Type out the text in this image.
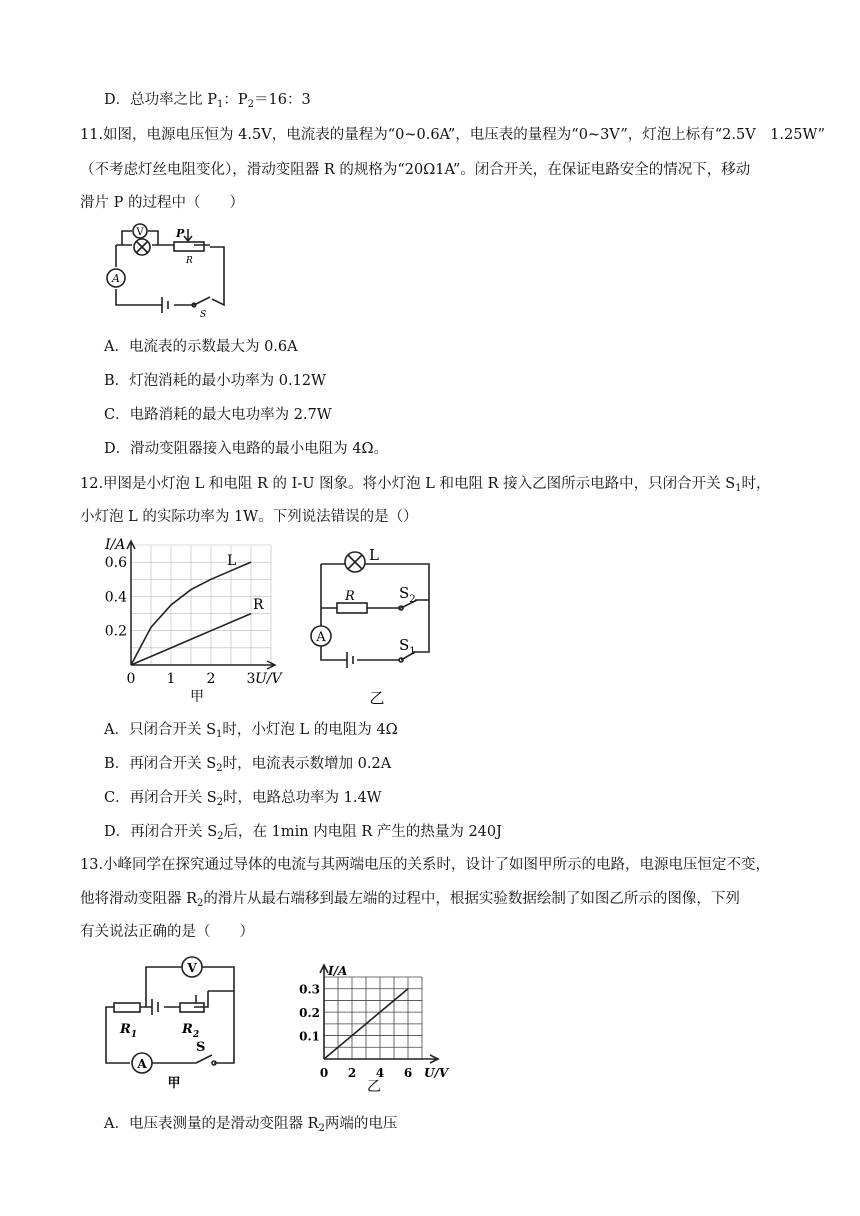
D．总功率之比 $P_1$：$P_2=16$：3
11.如图，电源电压恒为 4.5V，电流表的量程为“0~0.6A”，电压表的量程为“0~3V”，灯泡上标有“2.5V　1.25W”
（不考虑灯丝电阻变化），滑动变阻器 R 的规格为“20Ω1A”。闭合开关，在保证电路安全的情况下，移动
滑片 P 的过程中（　　）
V
A
P
R
S
A．电流表的示数最大为 0.6A
B．灯泡消耗的最小功率为 0.12W
C．电路消耗的最大电功率为 2.7W
D．滑动变阻器接入电路的最小电阻为 4Ω。
12.甲图是小灯泡 L 和电阻 R 的 I-U 图象。将小灯泡 L 和电阻 R 接入乙图所示电路中，只闭合开关 $S_1$时，
小灯泡 L 的实际功率为 1W。下列说法错误的是（）
0 1 2 3
0.6
0.4
0.2
I/A
U/V
甲
L
R
L
R	$S_2$
$S_1$
A
乙
A．只闭合开关 $S_1$时，小灯泡 L 的电阻为 4Ω
B．再闭合开关 $S_2$时，电流表示数增加 0.2A
C．再闭合开关 $S_2$时，电路总功率为 1.4W
D．再闭合开关 $S_2$后，在 1min 内电阻 R 产生的热量为 240J
13.小峰同学在探究通过导体的电流与其两端电压的关系时，设计了如图甲所示的电路，电源电压恒定不变，
他将滑动变阻器 $R_2$的滑片从最右端移到最左端的过程中，根据实验数据绘制了如图乙所示的图像，下列
有关说法正确的是（　　）
V
$R_1$	$R_2$
A
S
甲
0 2 4 6
0.3
0.2
0.1
I/A
U/V
乙
A．电压表测量的是滑动变阻器 $R_2$两端的电压
